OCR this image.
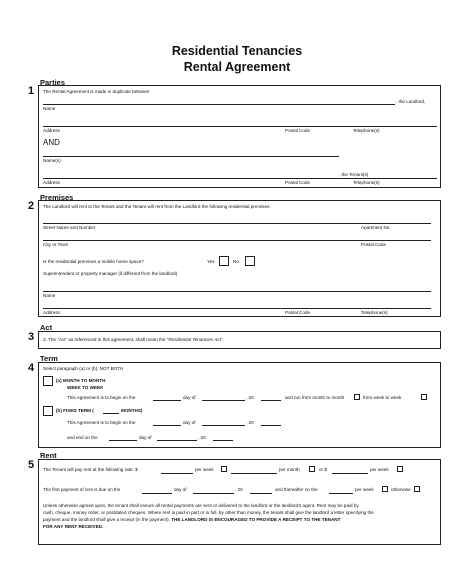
Residential Tenancies
Rental Agreement
Parties
1 The Rental Agreement is made in duplicate between
, the Landlord,
Name
Address	Postal Code	Telephone(s)
AND
Name(s)
, the Tenant(s)
Address	Postal Code	Telephone(s)
Premises
2 The Landlord will rent to the Tenant and the Tenant will rent from the Landlord the following residential premises:
Street Name and Number	Apartment No.
City or Town	Postal Code
Is the residential premises a mobile home space?	Yes	No
Superintendent or property manager (if different from the landlord)
Name
Address	Postal Code	Telephone(s)
Act
3 3. The "Act" as referenced in this agreement, shall mean the "Residential Tenancies Act".
Term
4 Select paragraph (a) or (b), NOT BOTH
(a) MONTH TO MONTH
WEEK TO WEEK
This Agreement is to begin on the	day of	, 20	and run from month to month	from week to week
(b) FIXED TERM (	MONTHS)
This Agreement is to begin on the	day of	, 20
and end on the	day of	, 20
Rent
5 The Tenant will pay rent at the following rate: $	per week	per month	or $	per week
The first payment of rent is due on the	day of	, 20	and thereafter on the	per week	otherwise
Unless otherwise agreed upon, the tenant shall ensure all rental payments are sent or delivered to the landlord or the landlord's agent. Rent may be paid by
cash, cheque, money order, or postdated cheques. Where rent is paid in part or in full, by other than money, the tenant shall give the landlord a letter specifying the
payment and the landlord shall give a receipt (in the payment). THE LANDLORD IS ENCOURAGED TO PROVIDE A RECEIPT TO THE TENANT
FOR ANY RENT RECEIVED.
